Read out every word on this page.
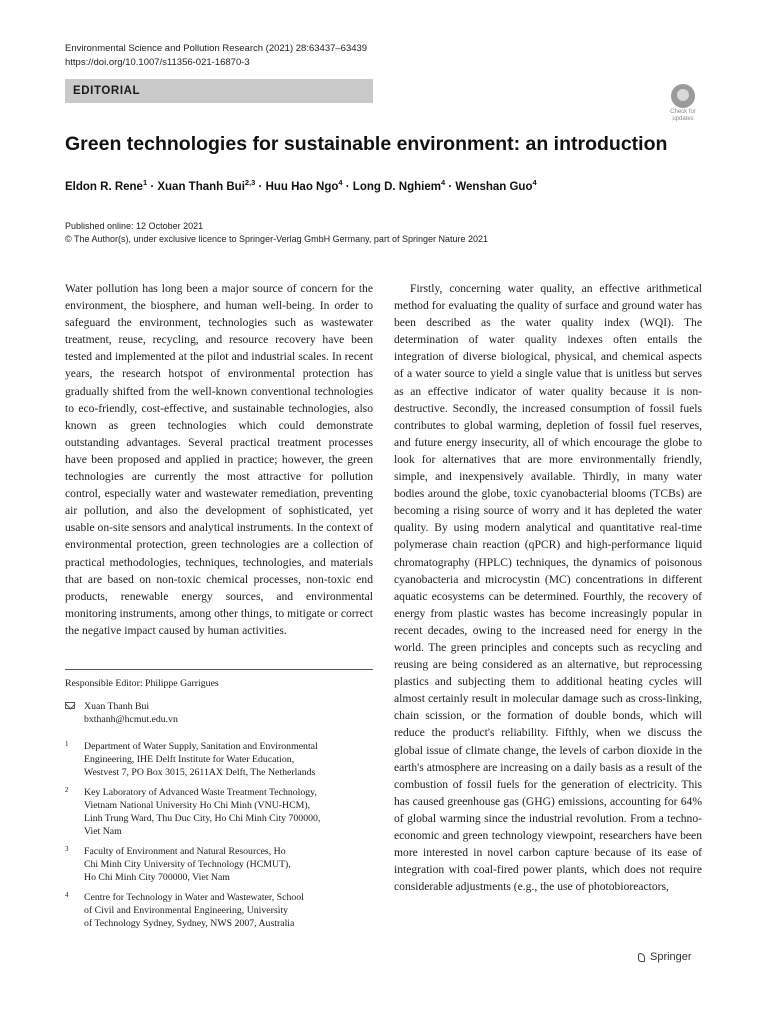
Environmental Science and Pollution Research (2021) 28:63437–63439
https://doi.org/10.1007/s11356-021-16870-3
EDITORIAL
Check for
updates
Green technologies for sustainable environment: an introduction
Eldon R. Rene$^1$ · Xuan Thanh Bui$^{2,3}$ · Huu Hao Ngo$^4$ · Long D. Nghiem$^4$ · Wenshan Guo$^4$
Published online: 12 October 2021
© The Author(s), under exclusive licence to Springer-Verlag GmbH Germany, part of Springer Nature 2021
Water pollution has long been a major source of concern for the environment, the biosphere, and human well-being. In order to safeguard the environment, technologies such as wastewater treatment, reuse, recycling, and resource recovery have been tested and implemented at the pilot and industrial scales. In recent years, the research hotspot of environmental protection has gradually shifted from the well-known conventional technologies to eco-friendly, cost-effective, and sustainable technologies, also known as green technologies which could demonstrate outstanding advantages. Several practical treatment processes have been proposed and applied in practice; however, the green technologies are currently the most attractive for pollution control, especially water and wastewater remediation, preventing air pollution, and also the development of sophisticated, yet usable on-site sensors and analytical instruments. In the context of environmental protection, green technologies are a collection of practical methodologies, techniques, technologies, and materials that are based on non-toxic chemical processes, non-toxic end products, renewable energy sources, and environmental monitoring instruments, among other things, to mitigate or correct the negative impact caused by human activities.
Firstly, concerning water quality, an effective arithmetical method for evaluating the quality of surface and ground water has been described as the water quality index (WQI). The determination of water quality indexes often entails the integration of diverse biological, physical, and chemical aspects of a water source to yield a single value that is unitless but serves as an effective indicator of water quality because it is non-destructive. Secondly, the increased consumption of fossil fuels contributes to global warming, depletion of fossil fuel reserves, and future energy insecurity, all of which encourage the globe to look for alternatives that are more environmentally friendly, simple, and inexpensively available. Thirdly, in many water bodies around the globe, toxic cyanobacterial blooms (TCBs) are becoming a rising source of worry and it has depleted the water quality. By using modern analytical and quantitative real-time polymerase chain reaction (qPCR) and high-performance liquid chromatography (HPLC) techniques, the dynamics of poisonous cyanobacteria and microcystin (MC) concentrations in different aquatic ecosystems can be determined. Fourthly, the recovery of energy from plastic wastes has become increasingly popular in recent decades, owing to the increased need for energy in the world. The green principles and concepts such as recycling and reusing are being considered as an alternative, but reprocessing plastics and subjecting them to additional heating cycles will almost certainly result in molecular damage such as cross-linking, chain scission, or the formation of double bonds, which will reduce the product's reliability. Fifthly, when we discuss the global issue of climate change, the levels of carbon dioxide in the earth's atmosphere are increasing on a daily basis as a result of the combustion of fossil fuels for the generation of electricity. This has caused greenhouse gas (GHG) emissions, accounting for 64% of global warming since the industrial revolution. From a techno-economic and green technology viewpoint, researchers have been more interested in novel carbon capture because of its ease of integration with coal-fired power plants, which does not require considerable adjustments (e.g., the use of photobioreactors,
Responsible Editor: Philippe Garrigues
Xuan Thanh Bui
bxthanh@hcmut.edu.vn
1 Department of Water Supply, Sanitation and Environmental
Engineering, IHE Delft Institute for Water Education,
Westvest 7, PO Box 3015, 2611AX Delft, The Netherlands
2 Key Laboratory of Advanced Waste Treatment Technology,
Vietnam National University Ho Chi Minh (VNU-HCM),
Linh Trung Ward, Thu Duc City, Ho Chi Minh City 700000,
Viet Nam
3 Faculty of Environment and Natural Resources, Ho
Chi Minh City University of Technology (HCMUT),
Ho Chi Minh City 700000, Viet Nam
4 Centre for Technology in Water and Wastewater, School
of Civil and Environmental Engineering, University
of Technology Sydney, Sydney, NWS 2007, Australia
Springer
